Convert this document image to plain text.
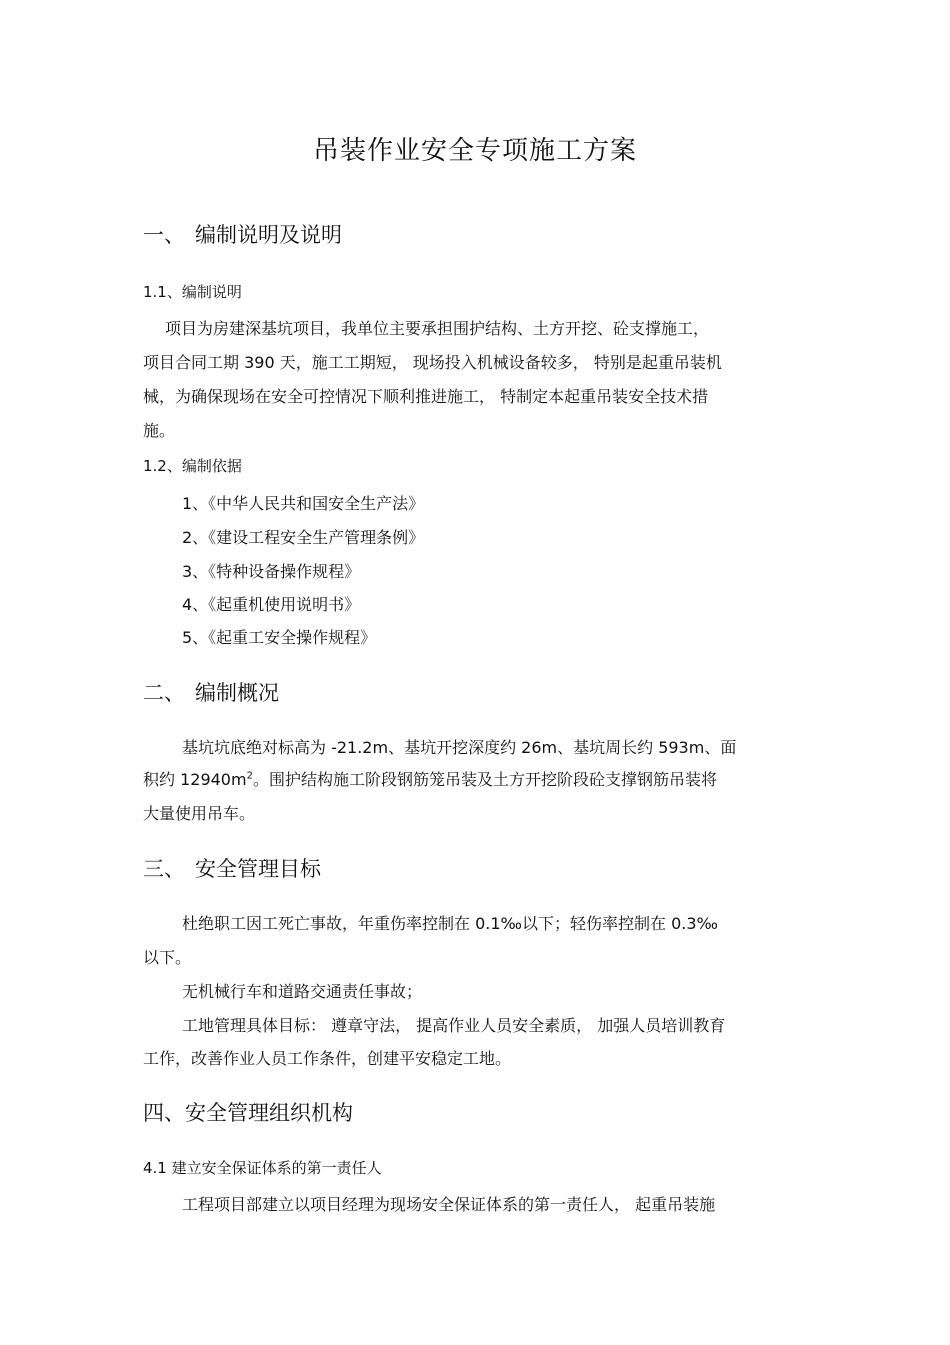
吊装作业安全专项施工方案
一、 编制说明及说明
1.1、编制说明
项目为房建深基坑项目，我单位主要承担围护结构、土方开挖、砼支撑施工，
项目合同工期 390 天，施工工期短， 现场投入机械设备较多， 特别是起重吊装机
械，为确保现场在安全可控情况下顺利推进施工， 特制定本起重吊装安全技术措
施。
1.2、编制依据
1、《中华人民共和国安全生产法》
2、《建设工程安全生产管理条例》
3、《特种设备操作规程》
4、《起重机使用说明书》
5、《起重工安全操作规程》
二、 编制概况
基坑坑底绝对标高为 -21.2m、基坑开挖深度约 26m、基坑周长约 593m、面
积约 $12940m^2$。围护结构施工阶段钢筋笼吊装及土方开挖阶段砼支撑钢筋吊装将
大量使用吊车。
三、 安全管理目标
杜绝职工因工死亡事故，年重伤率控制在 0.1‰以下；轻伤率控制在 0.3‰
以下。
无机械行车和道路交通责任事故；
工地管理具体目标： 遵章守法， 提高作业人员安全素质， 加强人员培训教育
工作，改善作业人员工作条件，创建平安稳定工地。
四、安全管理组织机构
4.1 建立安全保证体系的第一责任人
工程项目部建立以项目经理为现场安全保证体系的第一责任人， 起重吊装施
